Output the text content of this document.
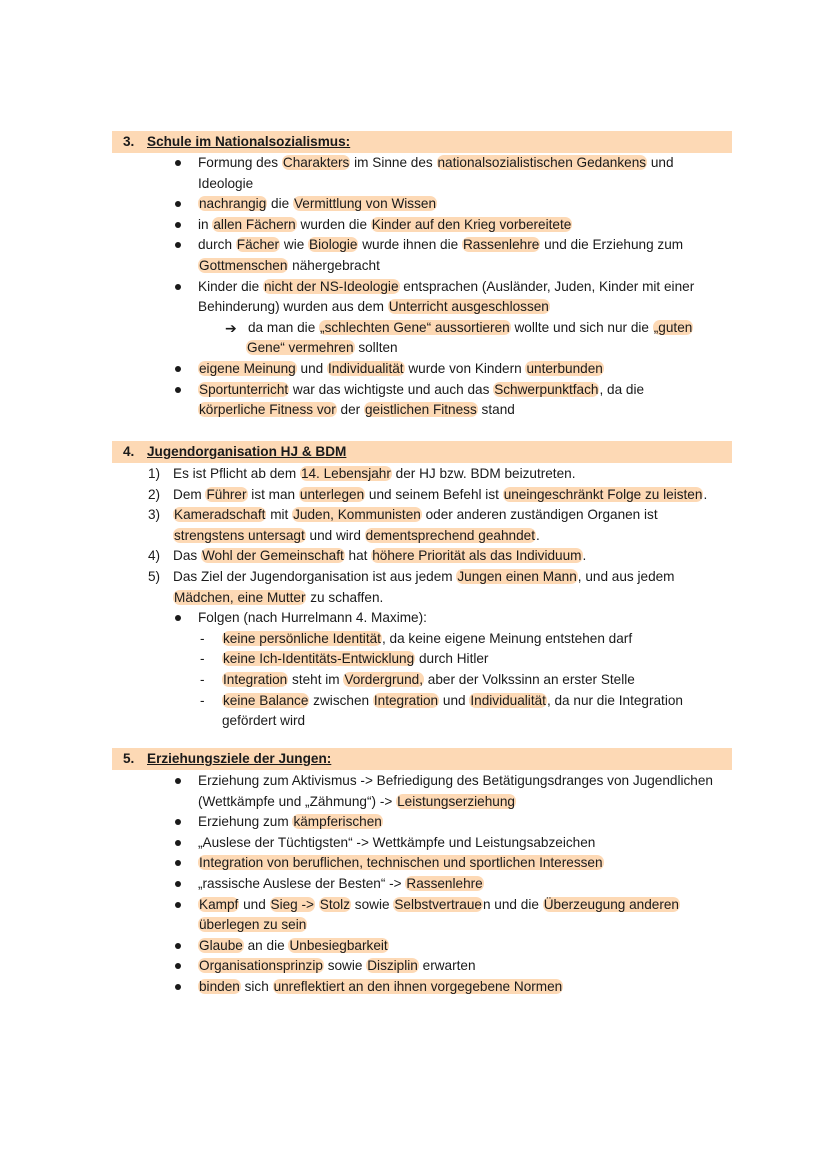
3. Schule im Nationalsozialismus:
Formung des Charakters im Sinne des nationalsozialistischen Gedankens und
Ideologie
nachrangig die Vermittlung von Wissen
in allen Fächern wurden die Kinder auf den Krieg vorbereitete
durch Fächer wie Biologie wurde ihnen die Rassenlehre und die Erziehung zum
Gottmenschen nähergebracht
Kinder die nicht der NS-Ideologie entsprachen (Ausländer, Juden, Kinder mit einer
Behinderung) wurden aus dem Unterricht ausgeschlossen
➔ da man die „schlechten Gene“ aussortieren wollte und sich nur die „guten
Gene“ vermehren sollten
eigene Meinung und Individualität wurde von Kindern unterbunden
Sportunterricht war das wichtigste und auch das Schwerpunktfach, da die
körperliche Fitness vor der geistlichen Fitness stand
4. Jugendorganisation HJ & BDM
1) Es ist Pflicht ab dem 14. Lebensjahr der HJ bzw. BDM beizutreten.
2) Dem Führer ist man unterlegen und seinem Befehl ist uneingeschränkt Folge zu leisten.
3) Kameradschaft mit Juden, Kommunisten oder anderen zuständigen Organen ist
strengstens untersagt und wird dementsprechend geahndet.
4) Das Wohl der Gemeinschaft hat höhere Priorität als das Individuum.
5) Das Ziel der Jugendorganisation ist aus jedem Jungen einen Mann, und aus jedem
Mädchen, eine Mutter zu schaffen.
Folgen (nach Hurrelmann 4. Maxime):
- keine persönliche Identität, da keine eigene Meinung entstehen darf
- keine Ich-Identitäts-Entwicklung durch Hitler
- Integration steht im Vordergrund, aber der Volkssinn an erster Stelle
- keine Balance zwischen Integration und Individualität, da nur die Integration
gefördert wird
5. Erziehungsziele der Jungen:
Erziehung zum Aktivismus -> Befriedigung des Betätigungsdranges von Jugendlichen
(Wettkämpfe und „Zähmung“) -> Leistungserziehung
Erziehung zum kämpferischen
„Auslese der Tüchtigsten“ -> Wettkämpfe und Leistungsabzeichen
Integration von beruflichen, technischen und sportlichen Interessen
„rassische Auslese der Besten“ -> Rassenlehre
Kampf und Sieg -> Stolz sowie Selbstvertrauen und die Überzeugung anderen
überlegen zu sein
Glaube an die Unbesiegbarkeit
Organisationsprinzip sowie Disziplin erwarten
binden sich unreflektiert an den ihnen vorgegebene Normen
